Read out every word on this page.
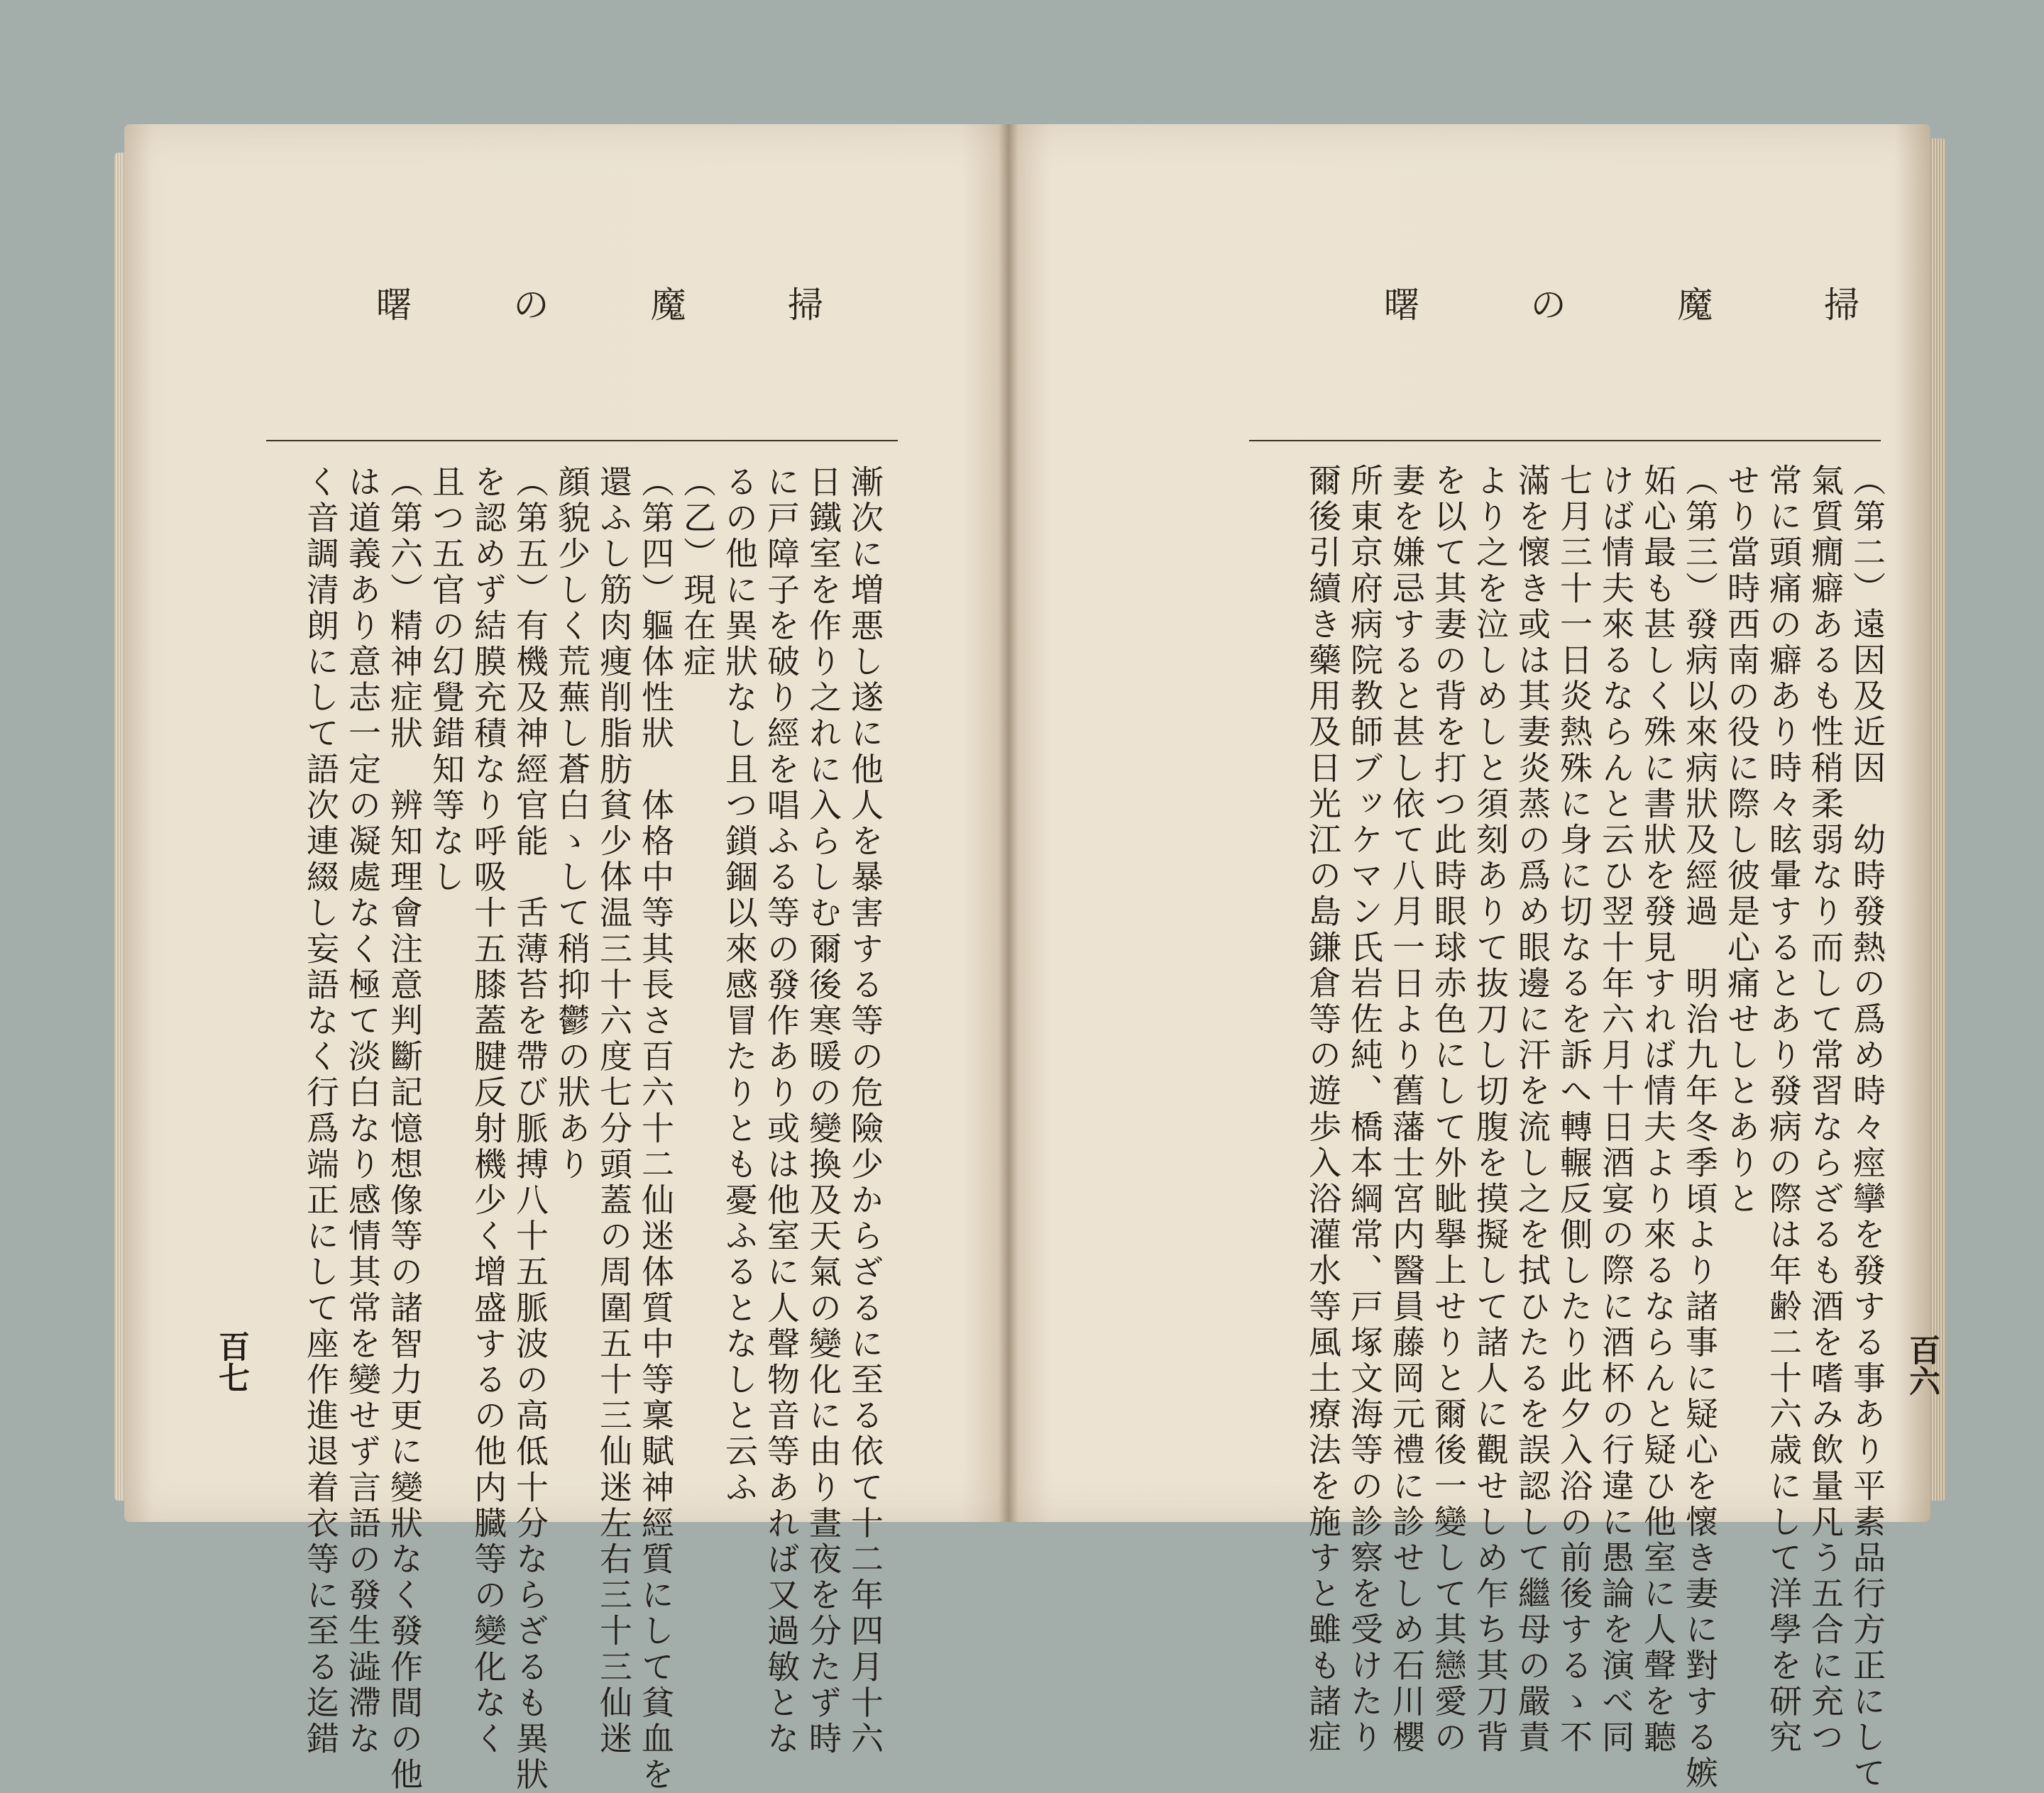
曙	の	魔	掃
漸次に増悪し遂に他人を暴害する等の危險少からざるに至る依て十二年四月十六
日鐵室を作り之れに入らしむ爾後寒暖の變換及天氣の變化に由り晝夜を分たず時
に戸障子を破り經を唱ふる等の發作あり或は他室に人聲物音等あれば又過敏とな
るの他に異狀なし且つ鎖錮以來感冒たりとも憂ふるとなしと云ふ
（乙）現在症
（第四）軀体性狀　体格中等其長さ百六十二仙迷体質中等稟賦神經質にして貧血を
還ふし筋肉痩削脂肪貧少体温三十六度七分頭蓋の周圍五十三仙迷左右三十三仙迷
顔貌少しく荒蕪し蒼白ゝして稍抑鬱の狀あり
（第五）有機及神經官能　舌薄苔を帶び脈搏八十五脈波の高低十分ならざるも異狀
を認めず結膜充積なり呼吸十五膝蓋腱反射機少く增盛するの他内臓等の變化なく
且つ五官の幻覺錯知等なし
（第六）精神症狀　辨知理會注意判斷記憶想像等の諸智力更に變狀なく發作間の他
は道義あり意志一定の凝處なく極て淡白なり感情其常を變せず言語の發生澁滯な
く音調清朗にして語次連綴し妄語なく行爲端正にして座作進退着衣等に至る迄錯
百七
曙	の	魔	掃
（第二）遠因及近因　幼時發熱の爲め時々痙攣を發する事あり平素品行方正にして
氣質癇癖あるも性稍柔弱なり而して常習ならざるも酒を嗜み飲量凡う五合に充つ
常に頭痛の癖あり時々眩暈するとあり發病の際は年齢二十六歳にして洋學を研究
せり當時西南の役に際し彼是心痛せしとありと
（第三）發病以來病狀及經過　明治九年冬季頃より諸事に疑心を懷き妻に對する嫉
妬心最も甚しく殊に書狀を發見すれば情夫より來るならんと疑ひ他室に人聲を聽
けば情夫來るならんと云ひ翌十年六月十日酒宴の際に酒杯の行違に愚論を演べ同
七月三十一日炎熱殊に身に切なるを訴へ轉輾反側したり此夕入浴の前後するゝ不
滿を懷き或は其妻炎蒸の爲め眼邊に汗を流し之を拭ひたるを誤認して繼母の嚴責
より之を泣しめしと須刻ありて抜刀し切腹を摸擬して諸人に觀せしめ乍ち其刀背
を以て其妻の背を打つ此時眼球赤色にして外眦擧上せりと爾後一變して其戀愛の
妻を嫌忌すると甚し依て八月一日より舊藩士宮内醫員藤岡元禮に診せしめ石川櫻
所東京府病院教師ブッケマン氏岩佐純、橋本綱常、戸塚文海等の診察を受けたり
爾後引續き藥用及日光江の島鎌倉等の遊歩入浴灌水等風土療法を施すと雖も諸症	百六
